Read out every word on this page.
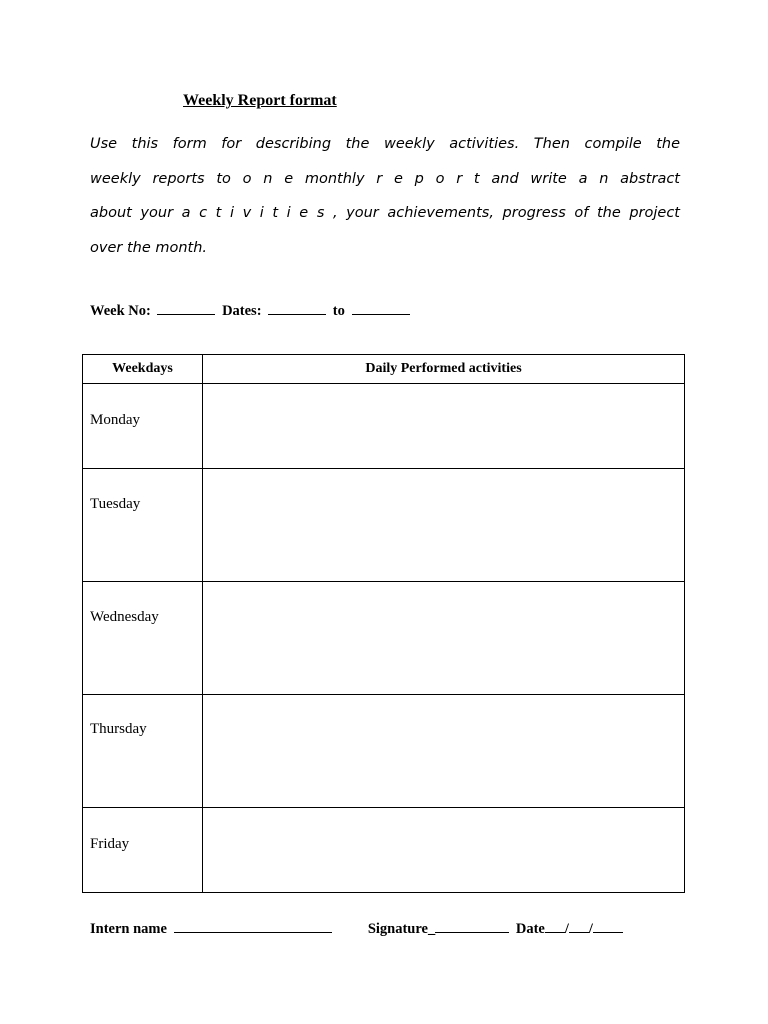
Weekly Report format

Use this form for describing the weekly activities. Then compile the

weekly reports to o n e monthly r e p o r t and write a n abstract

about your a c t i v i t i e s , your achievements, progress of the project

over the month.

Week No:	Dates:	to
Weekdays	Daily Performed activities

Monday	

Tuesday	

Wednesday	

Thursday	

Friday	

Intern name	Signature_	Date / /
